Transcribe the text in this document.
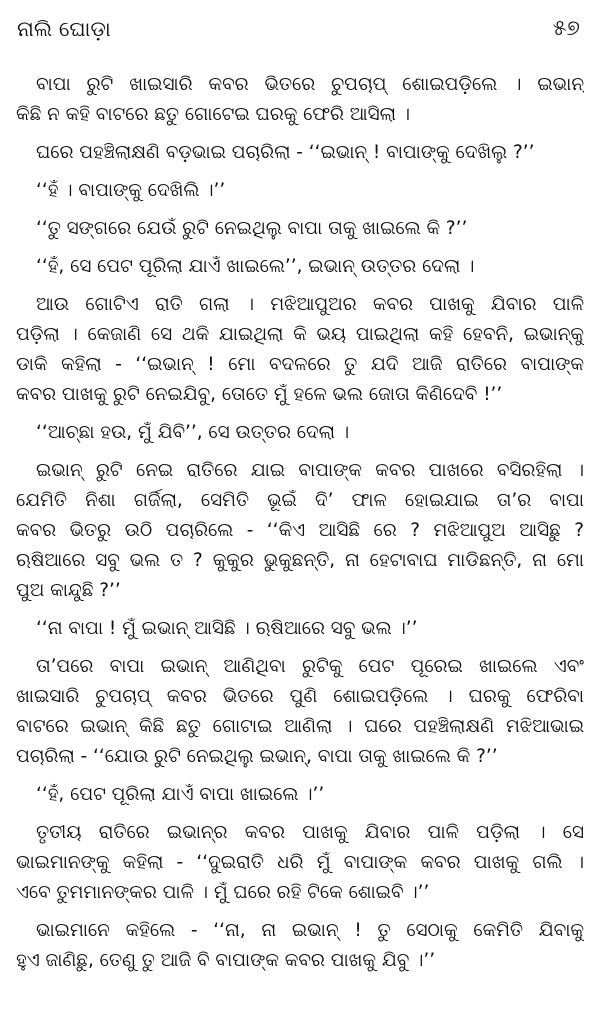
ନାଲି ଘୋଡ଼ା	୫୭
ବାପା ରୁଟି ଖାଇସାରି କବର ଭିତରେ ଚୁପଚାପ୍ ଶୋଇପଡ଼ିଲେ । ଇଭାନ୍
କିଛି ନ କହି ବାଟରେ ଛତୁ ଗୋଟେଇ ଘରକୁ ଫେରି ଆସିଲା ।
ଘରେ ପହଞ୍ଚିଲାକ୍ଷଣି ବଡ଼ଭାଇ ପଚାରିଲା - ‘‘ଇଭାନ୍ ! ବାପାଙ୍କୁ ଦେଖିଲୁ ?’’
‘‘ହଁ । ବାପାଙ୍କୁ ଦେଖିଲି ।’’
‘‘ତୁ ସଙ୍ଗରେ ଯେଉଁ ରୁଟି ନେଇଥିଲୁ ବାପା ତାକୁ ଖାଇଲେ କି ?’’
‘‘ହଁ, ସେ ପେଟ ପୂରିଲା ଯାଏଁ ଖାଇଲେ’’, ଇଭାନ୍ ଉତ୍ତର ଦେଲା ।
ଆଉ ଗୋଟିଏ ରାତି ଗଲା । ମଝିଆପୁଅର କବର ପାଖକୁ ଯିବାର ପାଳି
ପଡ଼ିଲା । କେଜାଣି ସେ ଥକି ଯାଇଥିଲା କି ଭୟ ପାଇଥିଲା କହି ହେବନି, ଇଭାନ୍‌କୁ
ଡାକି କହିଲା - ‘‘ଇଭାନ୍ ! ମୋ ବଦଳରେ ତୁ ଯଦି ଆଜି ରାତିରେ ବାପାଙ୍କ
କବର ପାଖକୁ ରୁଟି ନେଇଯିବୁ, ତୋତେ ମୁଁ ହଳେ ଭଲ ଜୋତା କିଣିଦେବି !’’
‘‘ଆଚ୍ଛା ହଉ, ମୁଁ ଯିବି’’, ସେ ଉତ୍ତର ଦେଲା ।
ଇଭାନ୍ ରୁଟି ନେଇ ରାତିରେ ଯାଇ ବାପାଙ୍କ କବର ପାଖରେ ବସିରହିଲା ।
ଯେମିତି ନିଶା ଗର୍ଜିଲା, ସେମିତି ଭୂଇଁ ଦି’ ଫାଳ ହୋଇଯାଇ ତା’ର ବାପା
କବର ଭିତରୁ ଉଠି ପଚାରିଲେ - ‘‘କିଏ ଆସିଛି ରେ ? ମଝିଆପୁଅ ଆସିଛୁ ?
ଋଷିଆରେ ସବୁ ଭଲ ତ ? କୁକୁର ଭୁକୁଛନ୍ତି, ନା ହେଟାବାଘ ମାଡିଛନ୍ତି, ନା ମୋ
ପୁଅ କାନ୍ଦୁଛି ?’’
‘‘ନା ବାପା ! ମୁଁ ଇଭାନ୍ ଆସିଛି । ଋଷିଆରେ ସବୁ ଭଲ ।’’
ତା’ପରେ ବାପା ଇଭାନ୍ ଆଣିଥିବା ରୁଟିକୁ ପେଟ ପୂରେଇ ଖାଇଲେ ଏବଂ
ଖାଇସାରି ଚୁପଚାପ୍ କବର ଭିତରେ ପୁଣି ଶୋଇପଡ଼ିଲେ । ଘରକୁ ଫେରିବା
ବାଟରେ ଇଭାନ୍ କିଛି ଛତୁ ଗୋଟାଇ ଆଣିଲା । ଘରେ ପହଞ୍ଚିଲାକ୍ଷଣି ମଝିଆଭାଇ
ପଚାରିଲା - ‘‘ଯୋଉ ରୁଟି ନେଇଥିଲୁ ଇଭାନ୍, ବାପା ତାକୁ ଖାଇଲେ କି ?’’
‘‘ହଁ, ପେଟ ପୂରିଲା ଯାଏଁ ବାପା ଖାଇଲେ ।’’
ତୃତୀୟ ରାତିରେ ଇଭାନ୍‌ର କବର ପାଖକୁ ଯିବାର ପାଳି ପଡ଼ିଲା । ସେ
ଭାଇମାନଙ୍କୁ କହିଲା - ‘‘ଦୁଇରାତି ଧରି ମୁଁ ବାପାଙ୍କ କବର ପାଖକୁ ଗଲି ।
ଏବେ ତୁମମାନଙ୍କର ପାଳି । ମୁଁ ଘରେ ରହି ଟିକେ ଶୋଇବି ।’’
ଭାଇମାନେ କହିଲେ - ‘‘ନା, ନା ଇଭାନ୍ ! ତୁ ସେଠାକୁ କେମିତି ଯିବାକୁ
ହୁଏ ଜାଣିଛୁ, ତେଣୁ ତୁ ଆଜି ବି ବାପାଙ୍କ କବର ପାଖକୁ ଯିବୁ ।’’
